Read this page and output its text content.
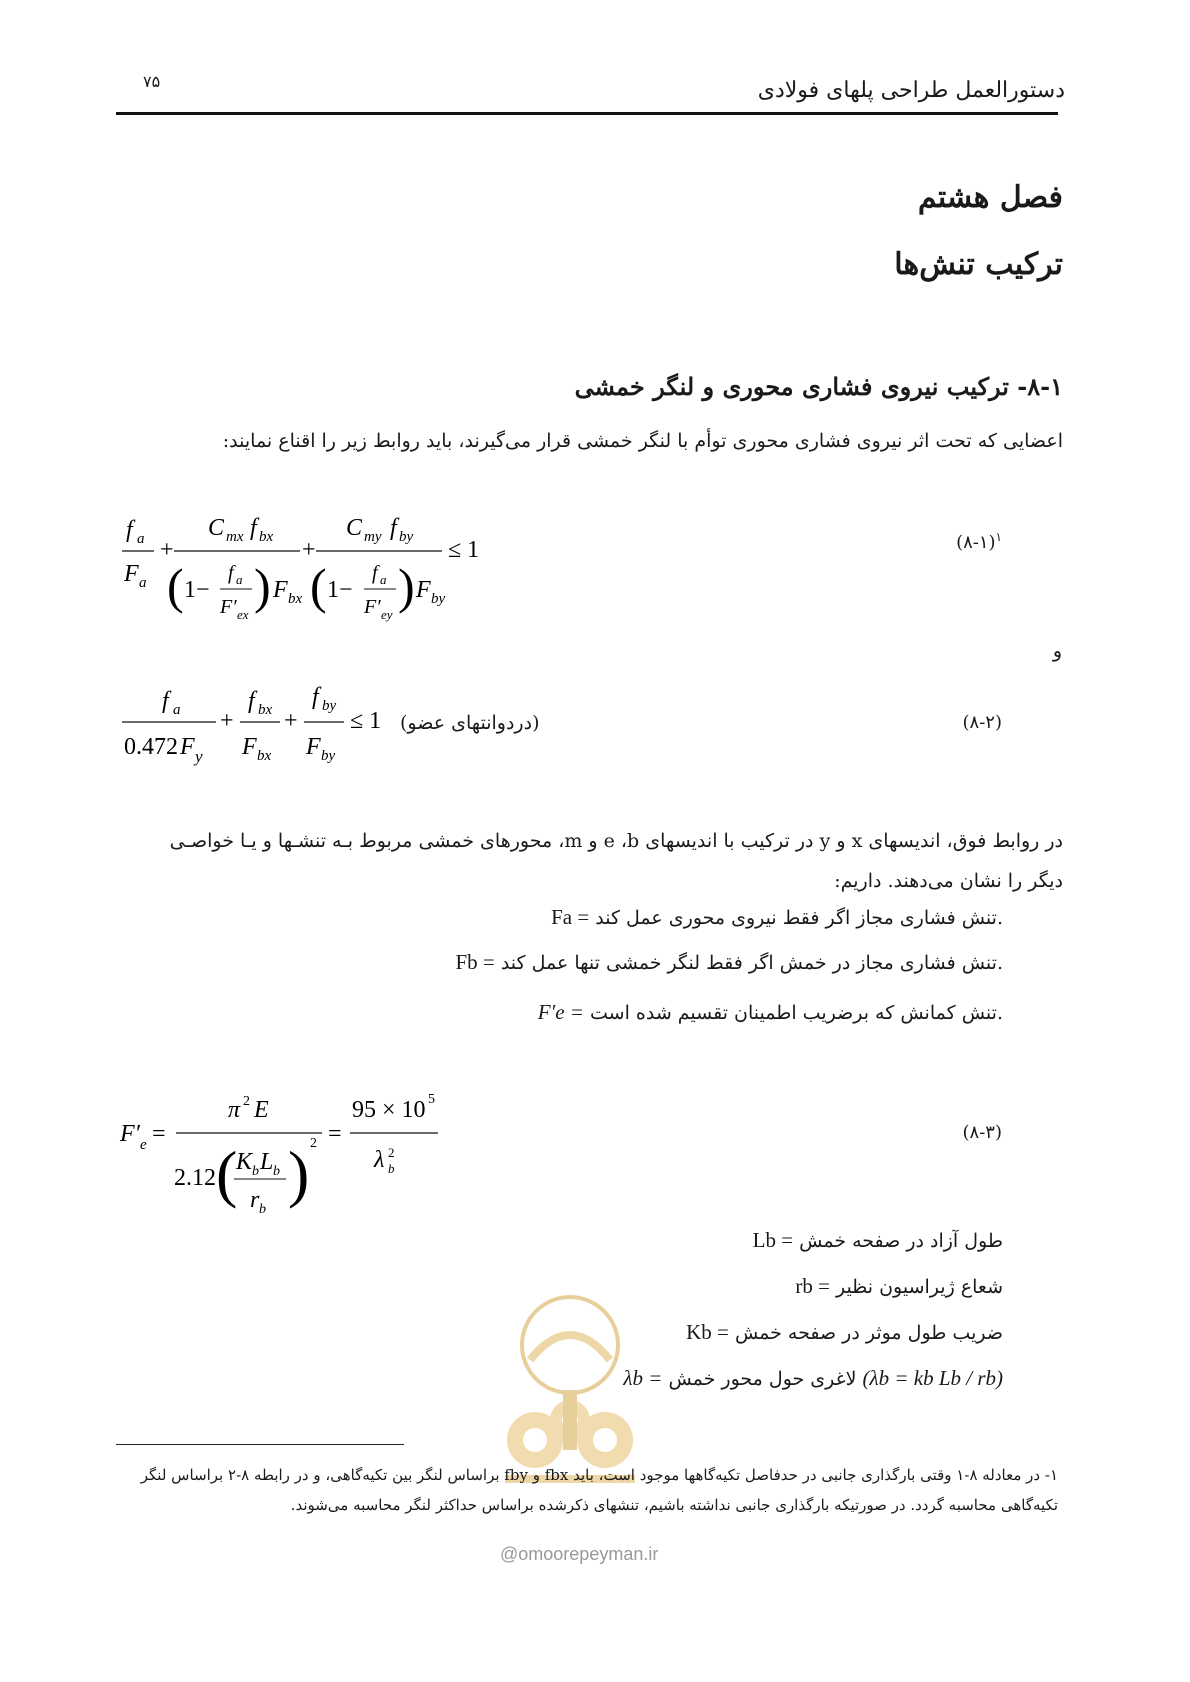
دستورالعمل طراحی پلهای فولادی
۷۵
فصل هشتم
ترکیب تنش‌ها
۸-۱- ترکیب نیروی فشاری محوری و لنگر خمشی
اعضایی که تحت اثر نیروی فشاری محوری توأم با لنگر خمشی قرار می‌گیرند، باید روابط زیر را اقناع نمایند:
f a
F a
+
C mx f bx
( 1−
f a
F′ ex
) F bx
+
C my f by
( 1−
f a
F′ ey
) F by
≤ 1	$^۱$(۸-۱)
و
f a
0.472 F y
+
f bx
F bx
+
f by
F by
≤ 1 (دردوانتهای عضو)	(۸-۲)
در روابط فوق، اندیسهای x و y در ترکیب با اندیسهای e ،b و m، محورهای خمشی مربوط بـه تنشـها و یـا خواصـی
دیگر را نشان می‌دهند. داریم:
Fa = تنش فشاری مجاز اگر فقط نیروی محوری عمل کند.
Fb = تنش فشاری مجاز در خمش اگر فقط لنگر خمشی تنها عمل کند.
F′e = تنش کمانش که برضریب اطمینان تقسیم شده است.
F′ e =
π 2 E
2.12 (
K b L b
r b
) 2 =
95 × 10 5
λ 2
b
(۸-۳)
Lb = طول آزاد در صفحه خمش
rb = شعاع ژیراسیون نظیر
Kb = ضریب طول موثر در صفحه خمش
λb = لاغری حول محور خمش (λb = kb Lb / rb)
۱- در معادله ۸-۱ وقتی بارگذاری جانبی در حدفاصل تکیه‌گاهها موجود است، باید fbx و fby براساس لنگر بین تکیه‌گاهی، و در رابطه ۸-۲ براساس لنگر
تکیه‌گاهی محاسبه گردد. در صورتیکه بارگذاری جانبی نداشته باشیم، تنشهای ذکرشده براساس حداکثر لنگر محاسبه می‌شوند.
@omoorepeyman.ir
